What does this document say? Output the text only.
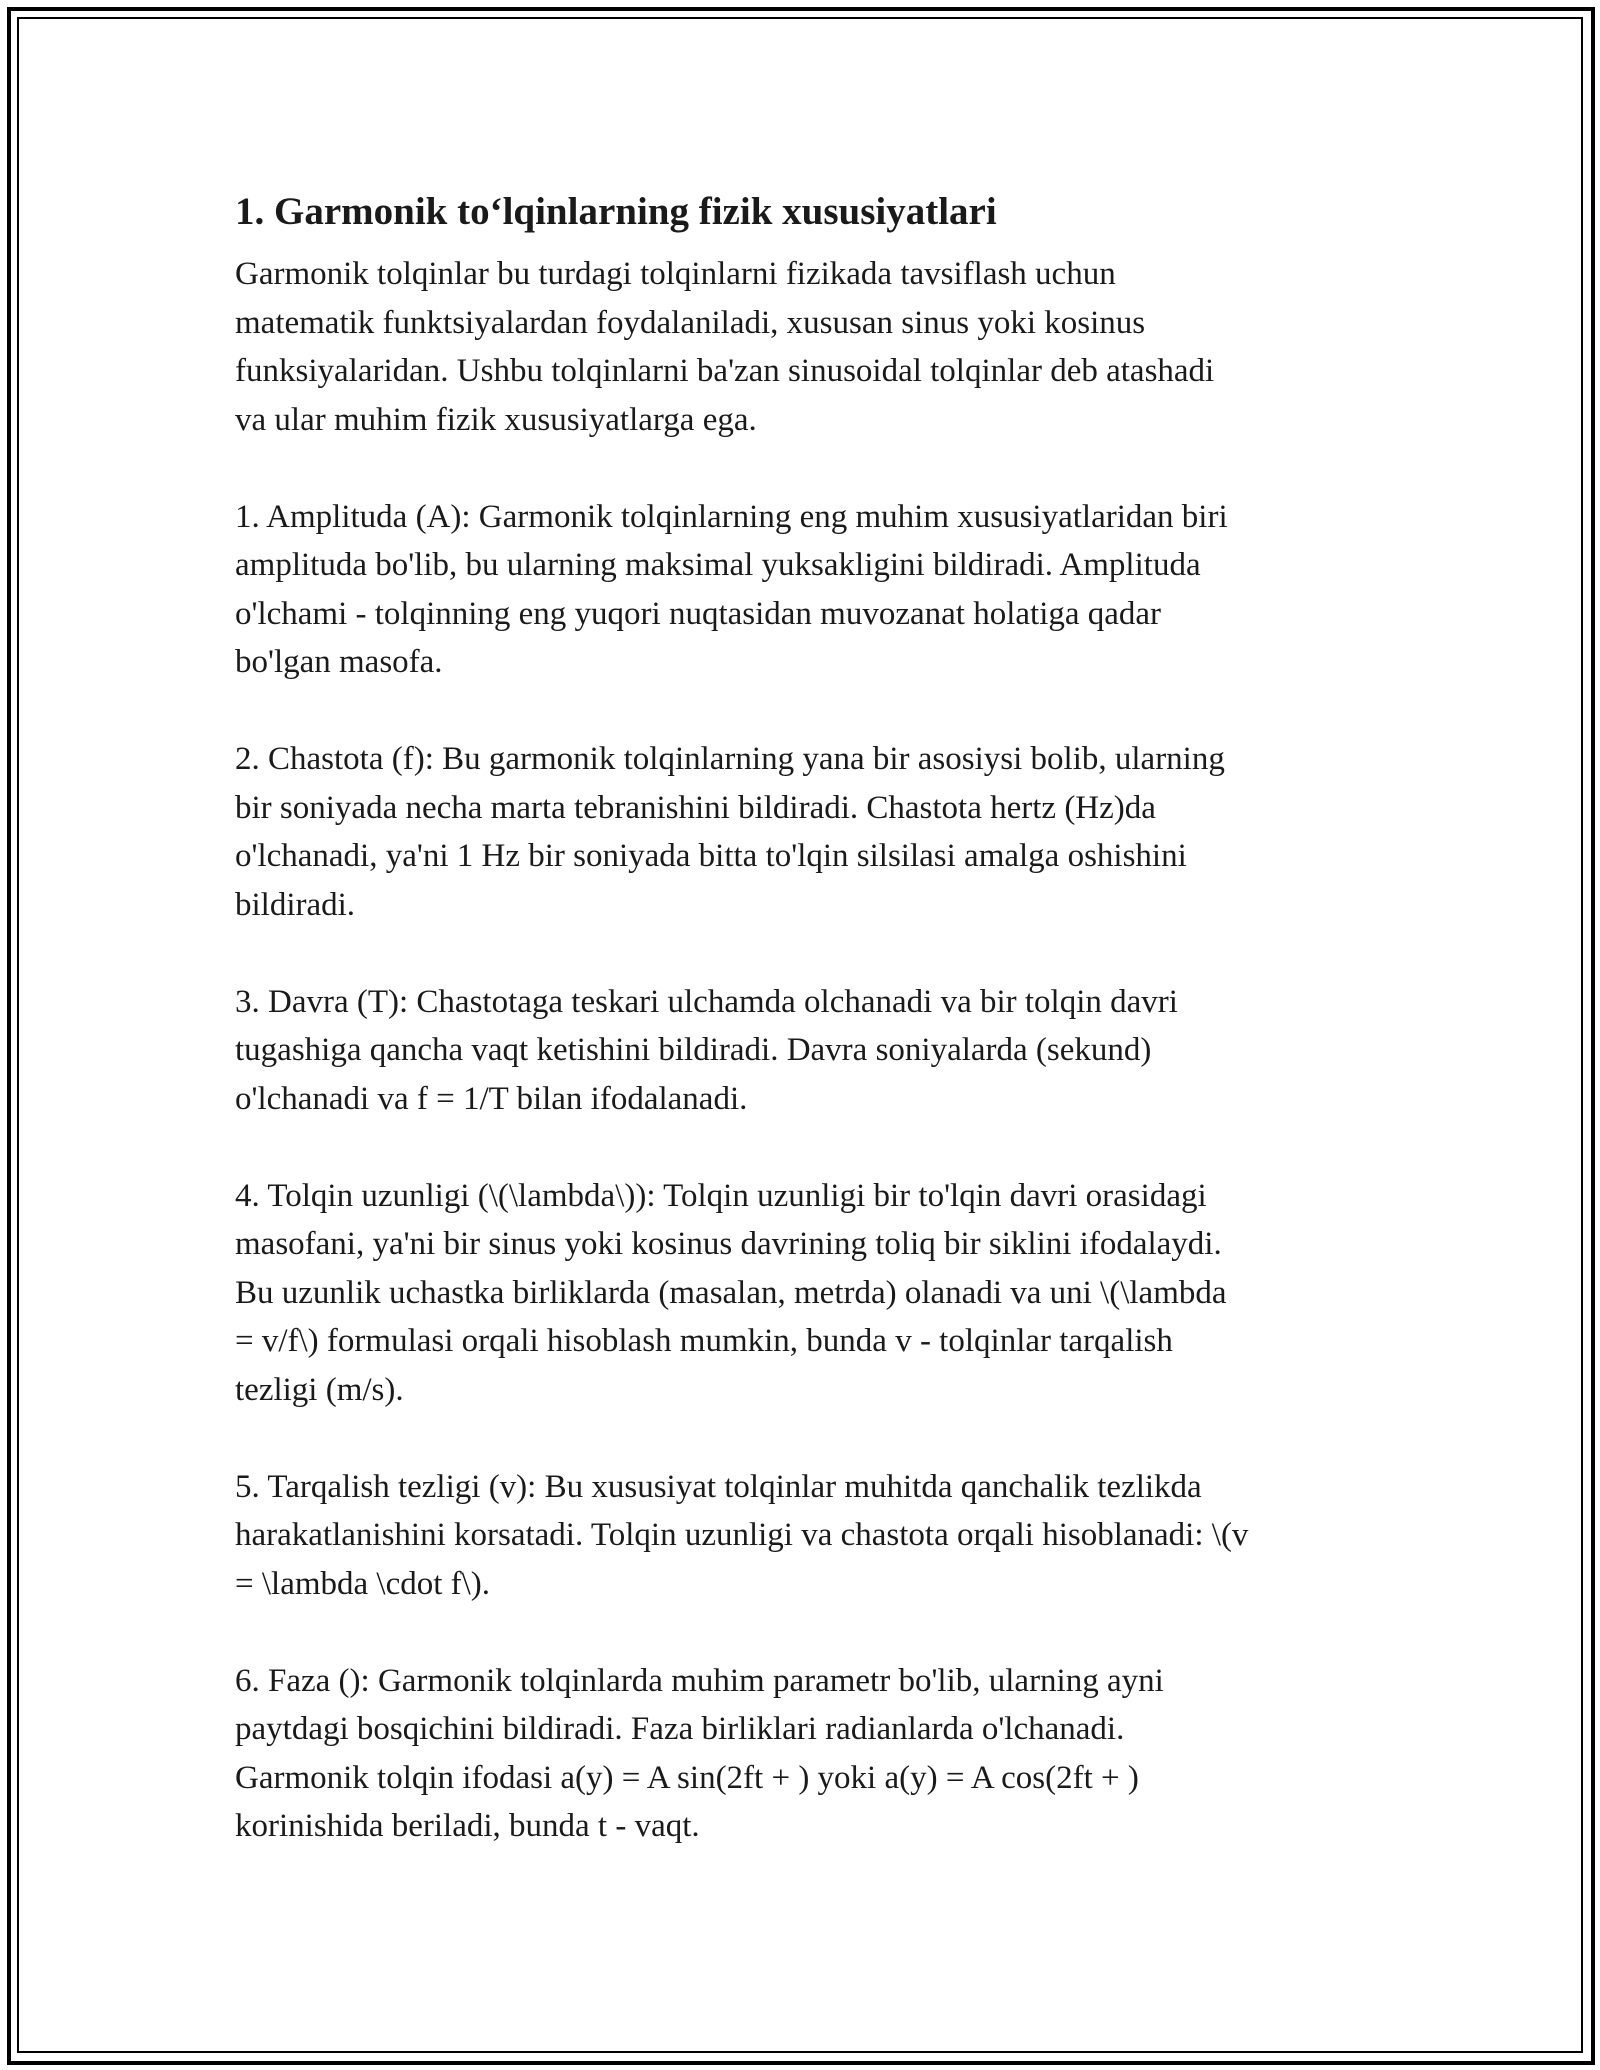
1. Garmonik to‘lqinlarning fizik xususiyatlari

Garmonik tolqinlar bu turdagi tolqinlarni fizikada tavsiflash uchun
matematik funktsiyalardan foydalaniladi, xususan sinus yoki kosinus
funksiyalaridan. Ushbu tolqinlarni ba'zan sinusoidal tolqinlar deb atashadi
va ular muhim fizik xususiyatlarga ega.

1. Amplituda (A): Garmonik tolqinlarning eng muhim xususiyatlaridan biri
amplituda bo'lib, bu ularning maksimal yuksakligini bildiradi. Amplituda
o'lchami - tolqinning eng yuqori nuqtasidan muvozanat holatiga qadar
bo'lgan masofa.

2. Chastota (f): Bu garmonik tolqinlarning yana bir asosiysi bolib, ularning
bir soniyada necha marta tebranishini bildiradi. Chastota hertz (Hz)da
o'lchanadi, ya'ni 1 Hz bir soniyada bitta to'lqin silsilasi amalga oshishini
bildiradi.

3. Davra (T): Chastotaga teskari ulchamda olchanadi va bir tolqin davri
tugashiga qancha vaqt ketishini bildiradi. Davra soniyalarda (sekund)
o'lchanadi va f = 1/T bilan ifodalanadi.

4. Tolqin uzunligi (\(\lambda\)): Tolqin uzunligi bir to'lqin davri orasidagi
masofani, ya'ni bir sinus yoki kosinus davrining toliq bir siklini ifodalaydi.
Bu uzunlik uchastka birliklarda (masalan, metrda) olanadi va uni \(\lambda
= v/f\) formulasi orqali hisoblash mumkin, bunda v - tolqinlar tarqalish
tezligi (m/s).

5. Tarqalish tezligi (v): Bu xususiyat tolqinlar muhitda qanchalik tezlikda
harakatlanishini korsatadi. Tolqin uzunligi va chastota orqali hisoblanadi: \(v
= \lambda \cdot f\).

6. Faza (): Garmonik tolqinlarda muhim parametr bo'lib, ularning ayni
paytdagi bosqichini bildiradi. Faza birliklari radianlarda o'lchanadi.
Garmonik tolqin ifodasi a(y) = A sin(2ft + ) yoki a(y) = A cos(2ft + )
korinishida beriladi, bunda t - vaqt.
